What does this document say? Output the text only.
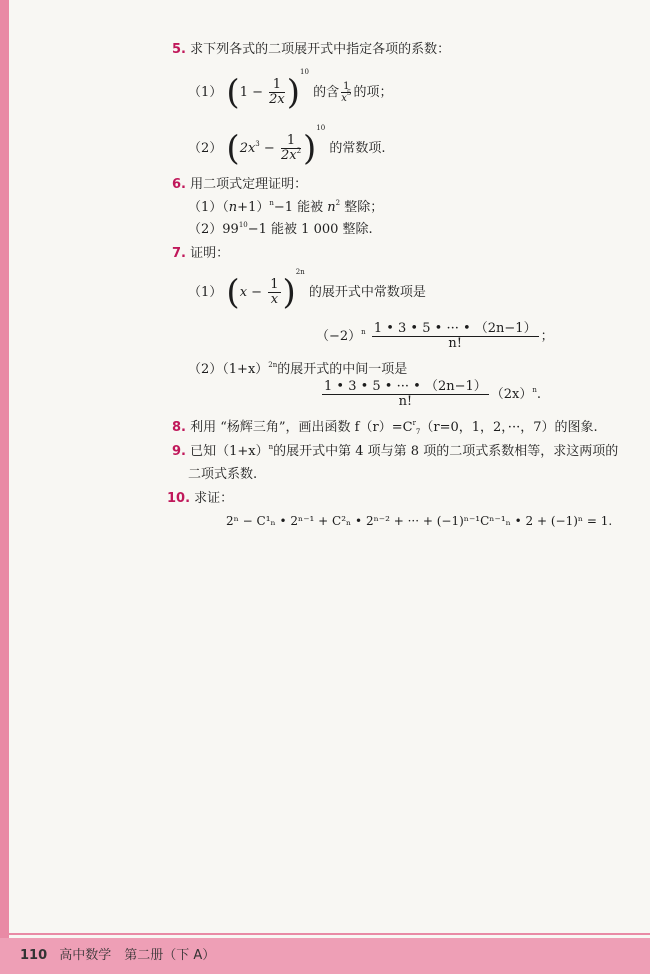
5. 求下列各式的二项展开式中指定各项的系数：
（1） $(1 - \frac{1}{2x} )^{10}$ 的含 $\frac{1}{x^5}$ 的项；
（2） $(2x^3 - \frac{1}{2x^2} )^{10}$ 的常数项.
6. 用二项式定理证明：
$(1)(n+1)^n-1$ 能被 $n^2$ 整除；
$(2)99^{10}-1$ 能被 1 000 整除.
7. 证明：
（1） $(x - \frac{1}{x} )^{2n}$ 的展开式中常数项是
$(-2)^n \frac{1 • 3 • 5 • \cdot\cdot\cdot • (2n-1)}{n!}$ ；
$(2)(1+x)^{2n}$的展开式的中间一项是
$\frac{1 • 3 • 5 • \cdot\cdot\cdot • (2n-1)}{n!} (2x)^n$.
8. 利用 “杨辉三角”，画出函数 $f(r)=C^r_7(r=0$，1，2，···，7）的图象.
9. 已知$(1+x)^n$的展开式中第 4 项与第 8 项的二项式系数相等，求这两项的
二项式系数.
10. 求证：
2ⁿ − C¹ₙ • 2ⁿ⁻¹ + C²ₙ • 2ⁿ⁻² + ··· + (−1)ⁿ⁻¹Cⁿ⁻¹ₙ • 2 + (−1)ⁿ = 1.
110 高中数学　第二册（下 A）
